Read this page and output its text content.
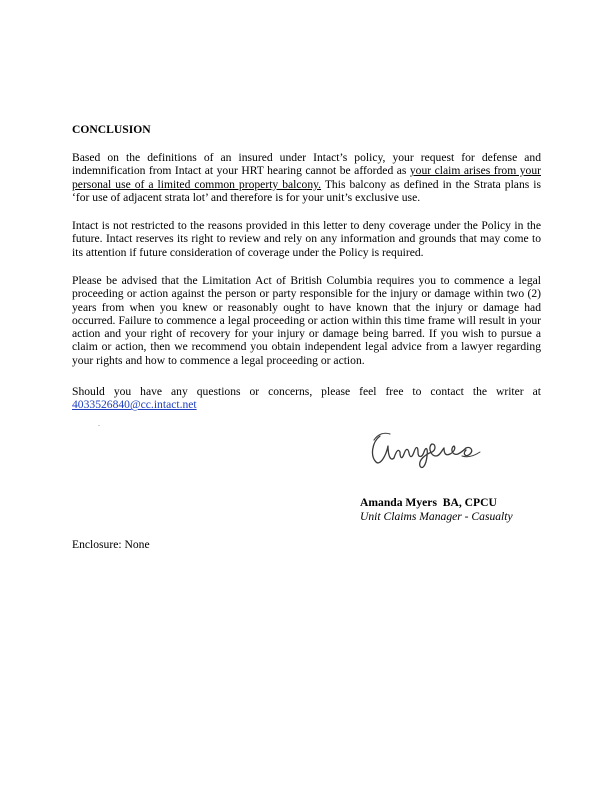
CONCLUSION
Based on the definitions of an insured under Intact’s policy, your request for defense and indemnification from Intact at your HRT hearing cannot be afforded as your claim arises from your personal use of a limited common property balcony. This balcony as defined in the Strata plans is ‘for use of adjacent strata lot’ and therefore is for your unit’s exclusive use.
Intact is not restricted to the reasons provided in this letter to deny coverage under the Policy in the future. Intact reserves its right to review and rely on any information and grounds that may come to its attention if future consideration of coverage under the Policy is required.
Please be advised that the Limitation Act of British Columbia requires you to commence a legal proceeding or action against the person or party responsible for the injury or damage within two (2) years from when you knew or reasonably ought to have known that the injury or damage had occurred. Failure to commence a legal proceeding or action within this time frame will result in your action and your right of recovery for your injury or damage being barred. If you wish to pursue a claim or action, then we recommend you obtain independent legal advice from a lawyer regarding your rights and how to commence a legal proceeding or action.
Should you have any questions or concerns, please feel free to contact the writer at 4033526840@cc.intact.net
Amanda Myers  BA, CPCU
Unit Claims Manager - Casualty
Enclosure: None
